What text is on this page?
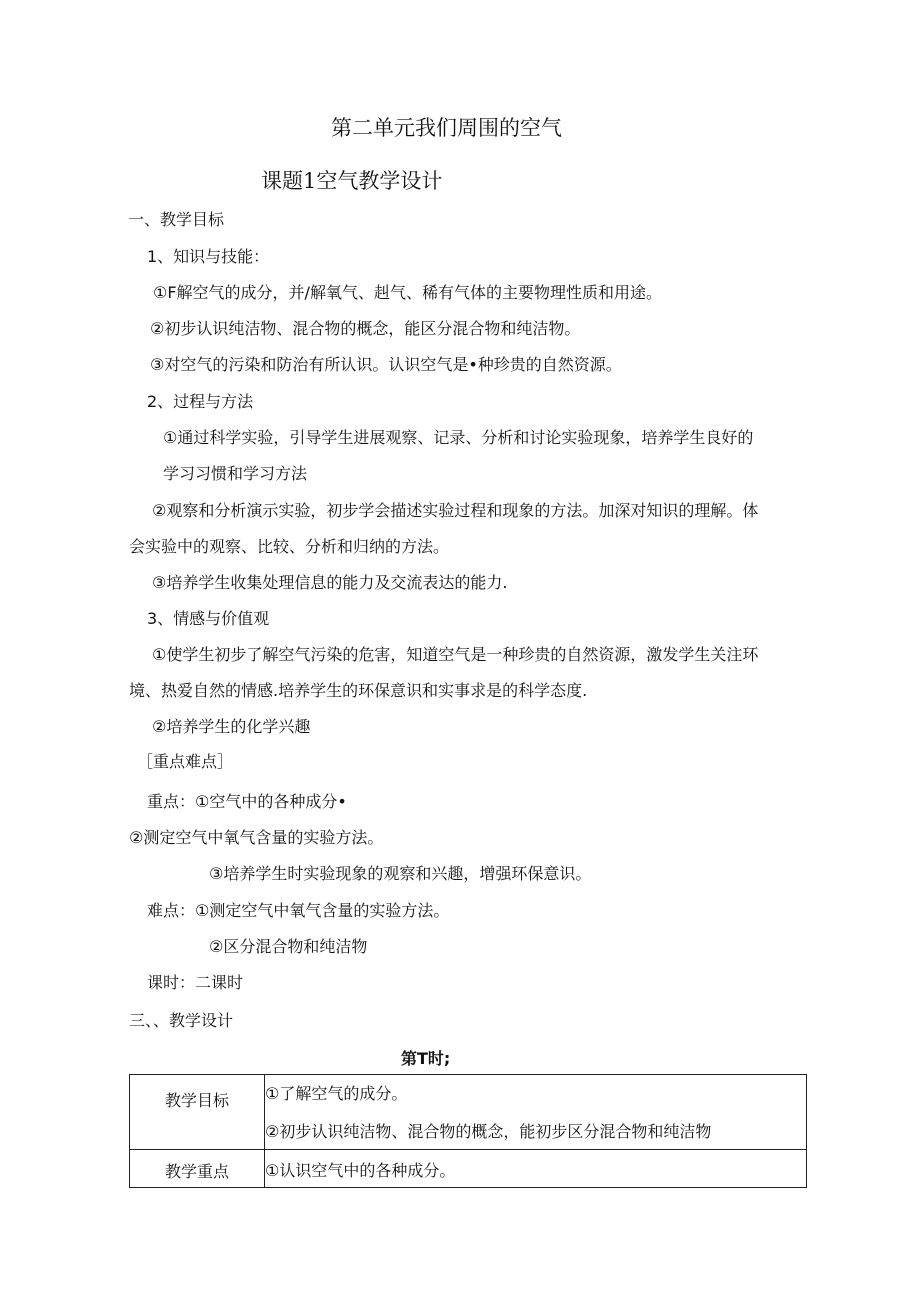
第二单元我们周围的空气
课题1空气教学设计
一、教学目标
1、知识与技能：
①F解空气的成分，并/解氧气、赳气、稀有气体的主要物理性质和用途。
②初步认识纯洁物、混合物的概念，能区分混合物和纯洁物。
③对空气的污染和防治有所认识。认识空气是•种珍贵的自然资源。
2、过程与方法
①通过科学实验，引导学生进展观察、记录、分析和讨论实验现象，培养学生良好的
学习习惯和学习方法
②观察和分析演示实验，初步学会描述实验过程和现象的方法。加深对知识的理解。体
会实验中的观察、比较、分析和归纳的方法。
③培养学生收集处理信息的能力及交流表达的能力.
3、情感与价值观
①使学生初步了解空气污染的危害，知道空气是一种珍贵的自然资源，激发学生关注环
境、热爱自然的情感.培养学生的环保意识和实事求是的科学态度.
②培养学生的化学兴趣
［重点难点］
重点：①空气中的各种成分•
②测定空气中氧气含量的实验方法。
③培养学生时实验现象的观察和兴趣，增强环保意识。
难点：①测定空气中氧气含量的实验方法。
②区分混合物和纯洁物
课时：二课时
三、、教学设计
第T时;
教学目标	①了解空气的成分。
②初步认识纯洁物、混合物的概念，能初步区分混合物和纯洁物

教学重点	①认识空气中的各种成分。
